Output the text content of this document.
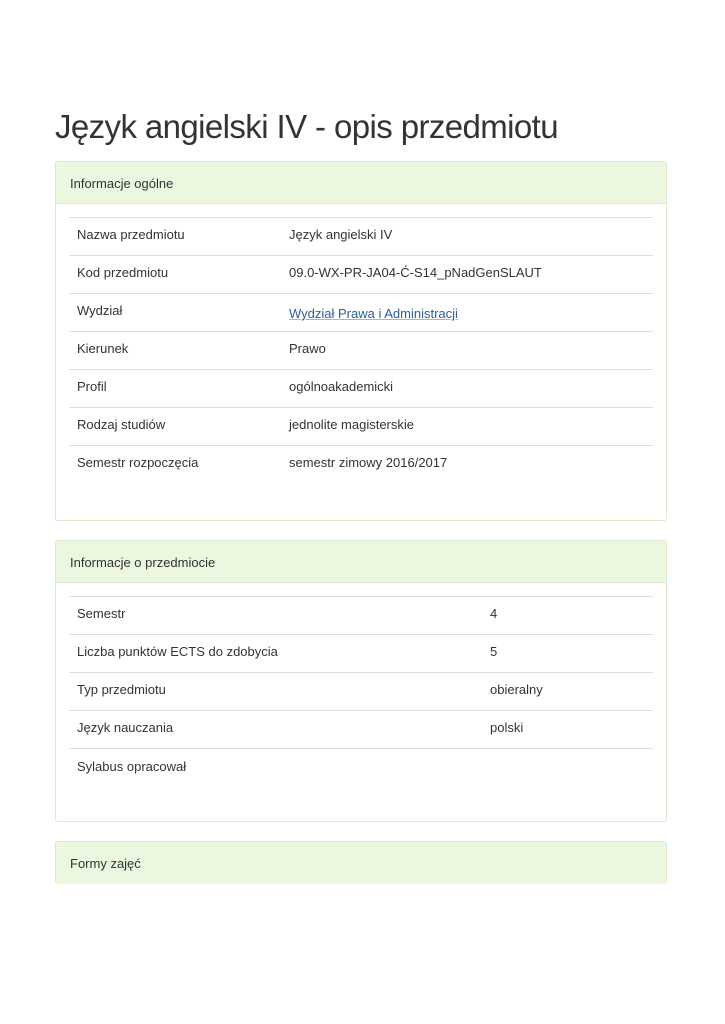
Język angielski IV - opis przedmiotu
Informacje ogólne
Nazwa przedmiotu	Język angielski IV
Kod przedmiotu	09.0-WX-PR-JA04-Ć-S14_pNadGenSLAUT
Wydział	Wydział Prawa i Administracji
Kierunek	Prawo
Profil	ogólnoakademicki
Rodzaj studiów	jednolite magisterskie
Semestr rozpoczęcia	semestr zimowy 2016/2017
Informacje o przedmiocie
Semestr	4
Liczba punktów ECTS do zdobycia	5
Typ przedmiotu	obieralny
Język nauczania	polski
Sylabus opracował	
Formy zajęć
